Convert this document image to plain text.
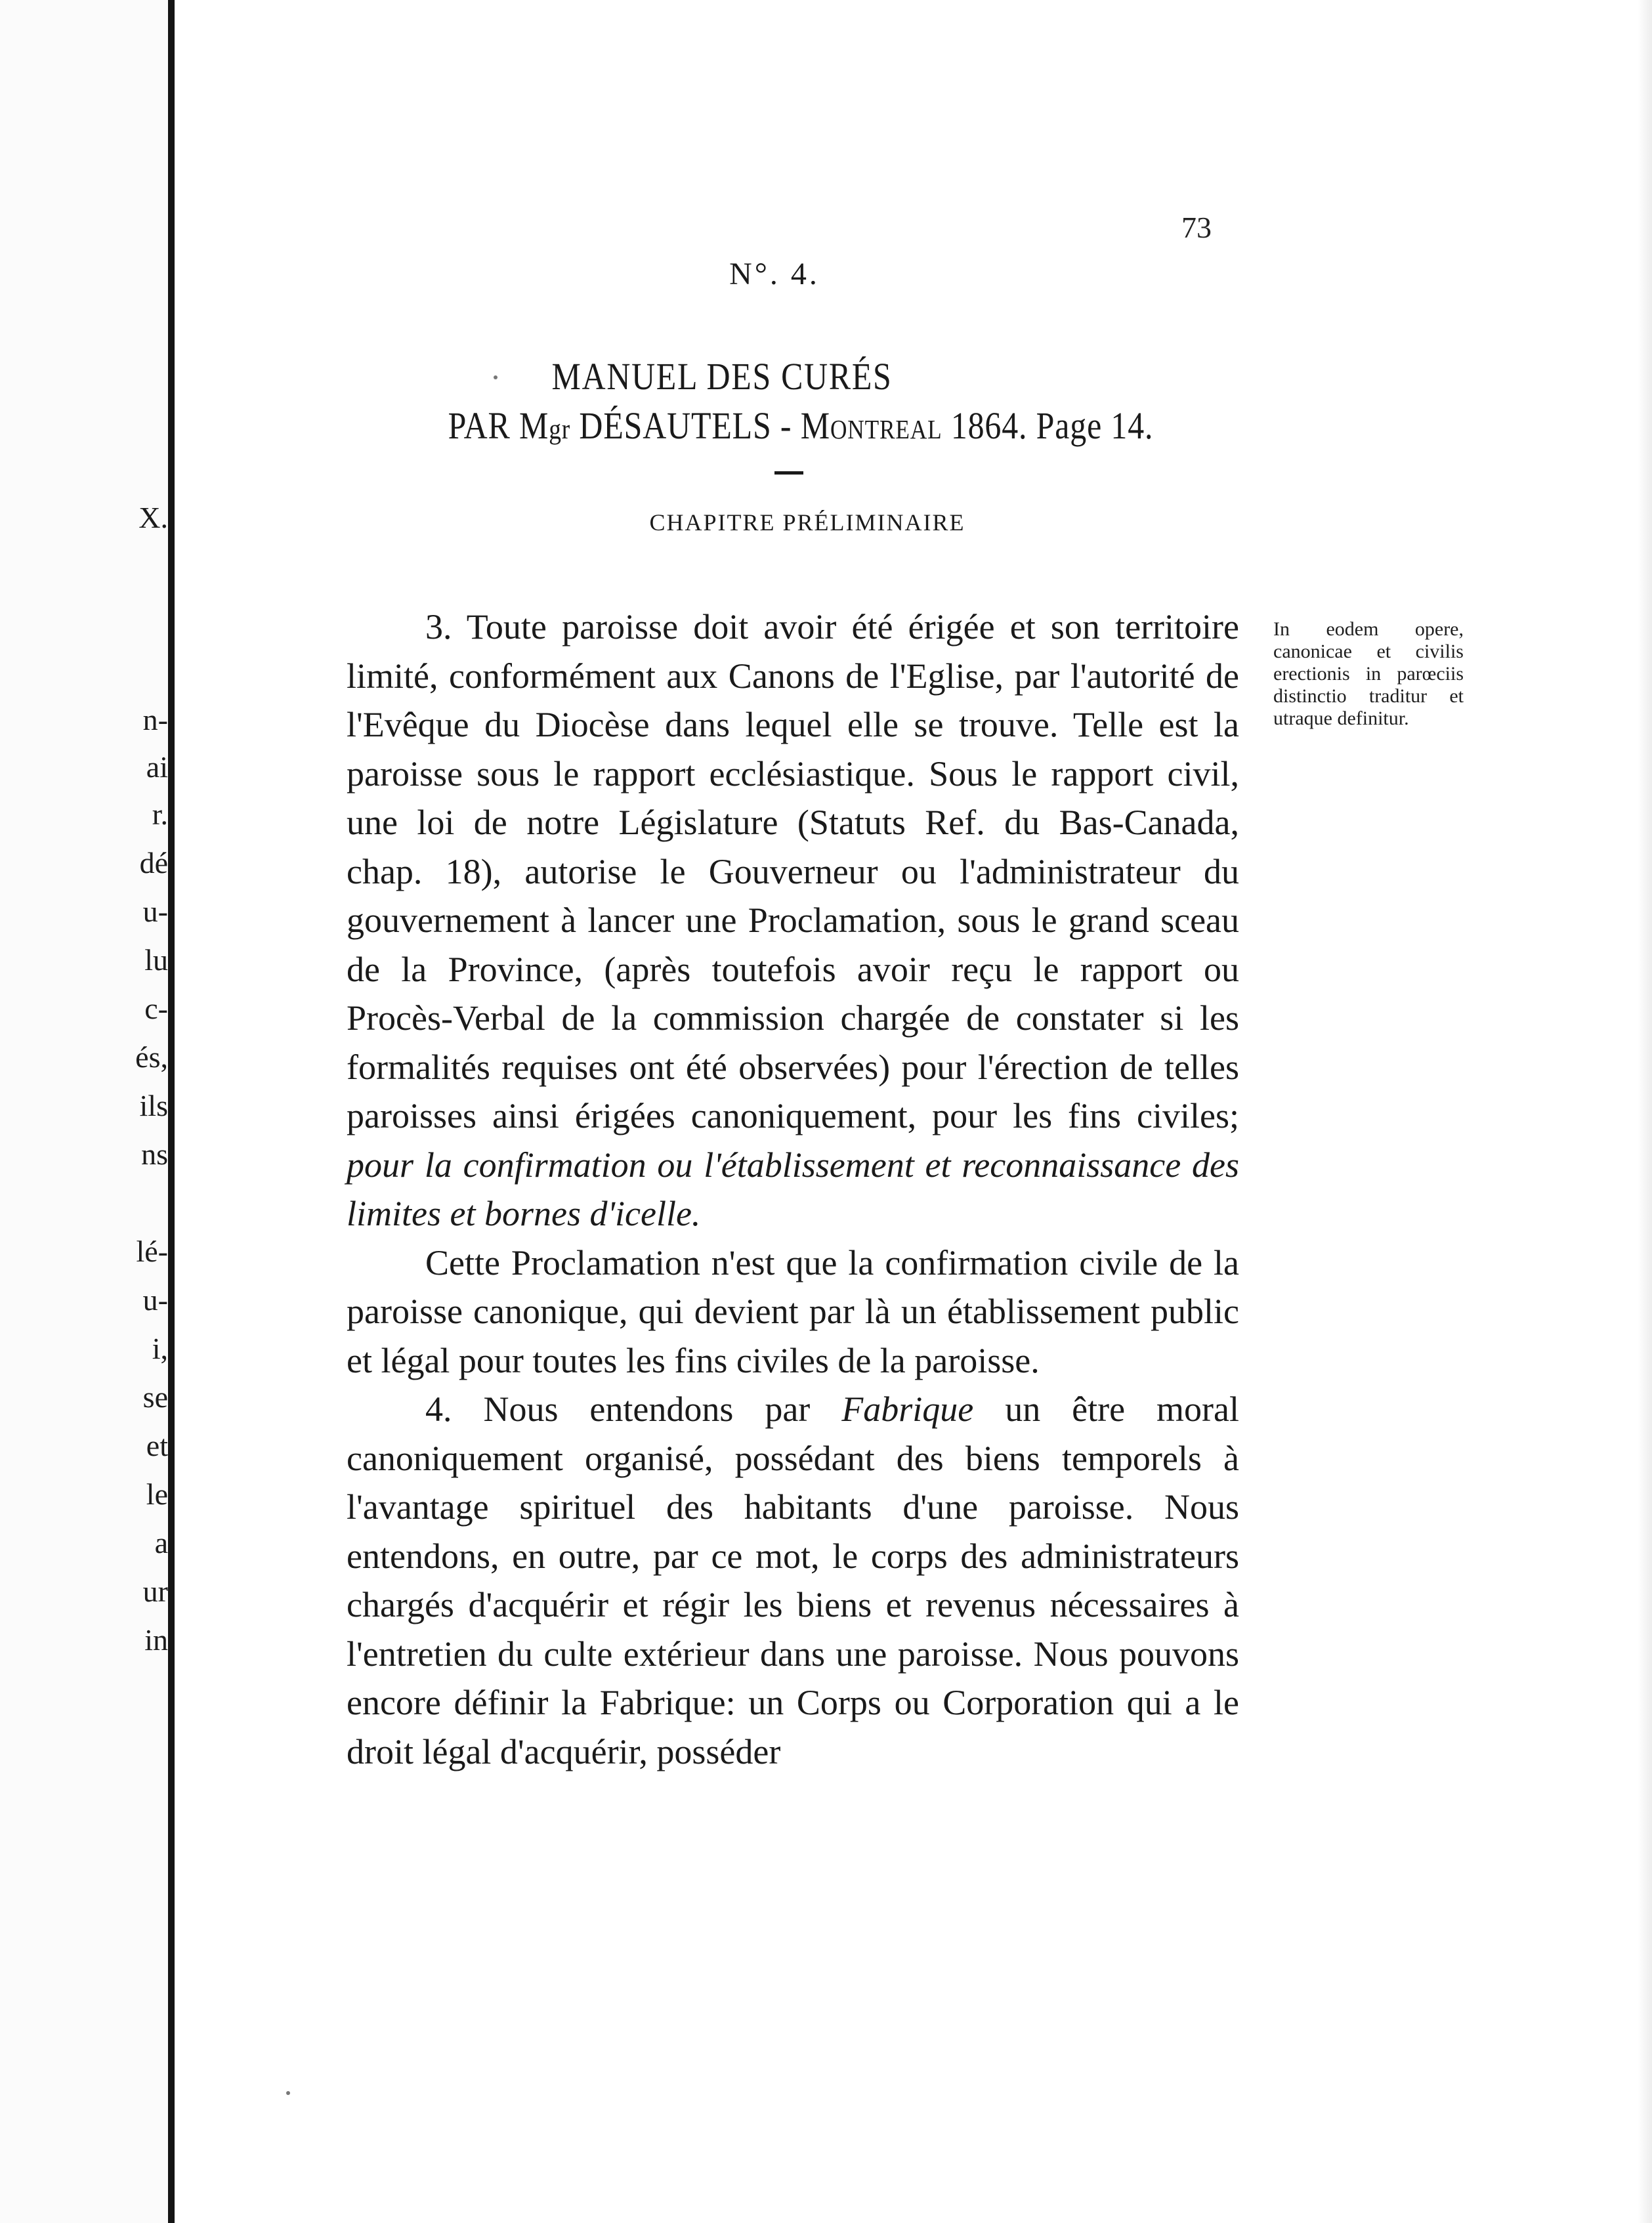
X.
n-
ai
r.
dé
u-
lu
c-
és,
ils
ns
lé-
u-
i,
se
et
le
a
ur
in
73
N°. 4.
MANUEL DES CURÉS
PAR Mgr DÉSAUTELS - Montreal 1864. Page 14.
CHAPITRE PRÉLIMINAIRE

3. Toute paroisse doit avoir été érigée et son territoire limité, conformément aux Canons de l'Eglise, par l'autorité de l'Evêque du Diocèse dans lequel elle se trouve. Telle est la paroisse sous le rapport ecclésiastique. Sous le rapport civil, une loi de notre Législature (Statuts Ref. du Bas-Canada, chap. 18), autorise le Gouverneur ou l'administrateur du gouvernement à lancer une Proclamation, sous le grand sceau de la Province, (après toutefois avoir reçu le rapport ou Procès-Verbal de la commission chargée de constater si les formalités requises ont été observées) pour l'érection de telles paroisses ainsi érigées canoniquement, pour les fins civiles; pour la confirmation ou l'établissement et reconnaissance des limites et bornes d'icelle.

Cette Proclamation n'est que la confirmation civile de la paroisse canonique, qui devient par là un établissement public et légal pour toutes les fins civiles de la paroisse.

4. Nous entendons par Fabrique un être moral canoniquement organisé, possédant des biens temporels à l'avantage spirituel des habitants d'une paroisse. Nous entendons, en outre, par ce mot, le corps des administrateurs chargés d'acquérir et régir les biens et revenus nécessaires à l'entretien du culte extérieur dans une paroisse. Nous pouvons encore définir la Fabrique: un Corps ou Corporation qui a le droit légal d'acquérir, posséder

In eodem opere, canonicae et civilis erectionis in parœciis distinctio traditur et utraque definitur.
